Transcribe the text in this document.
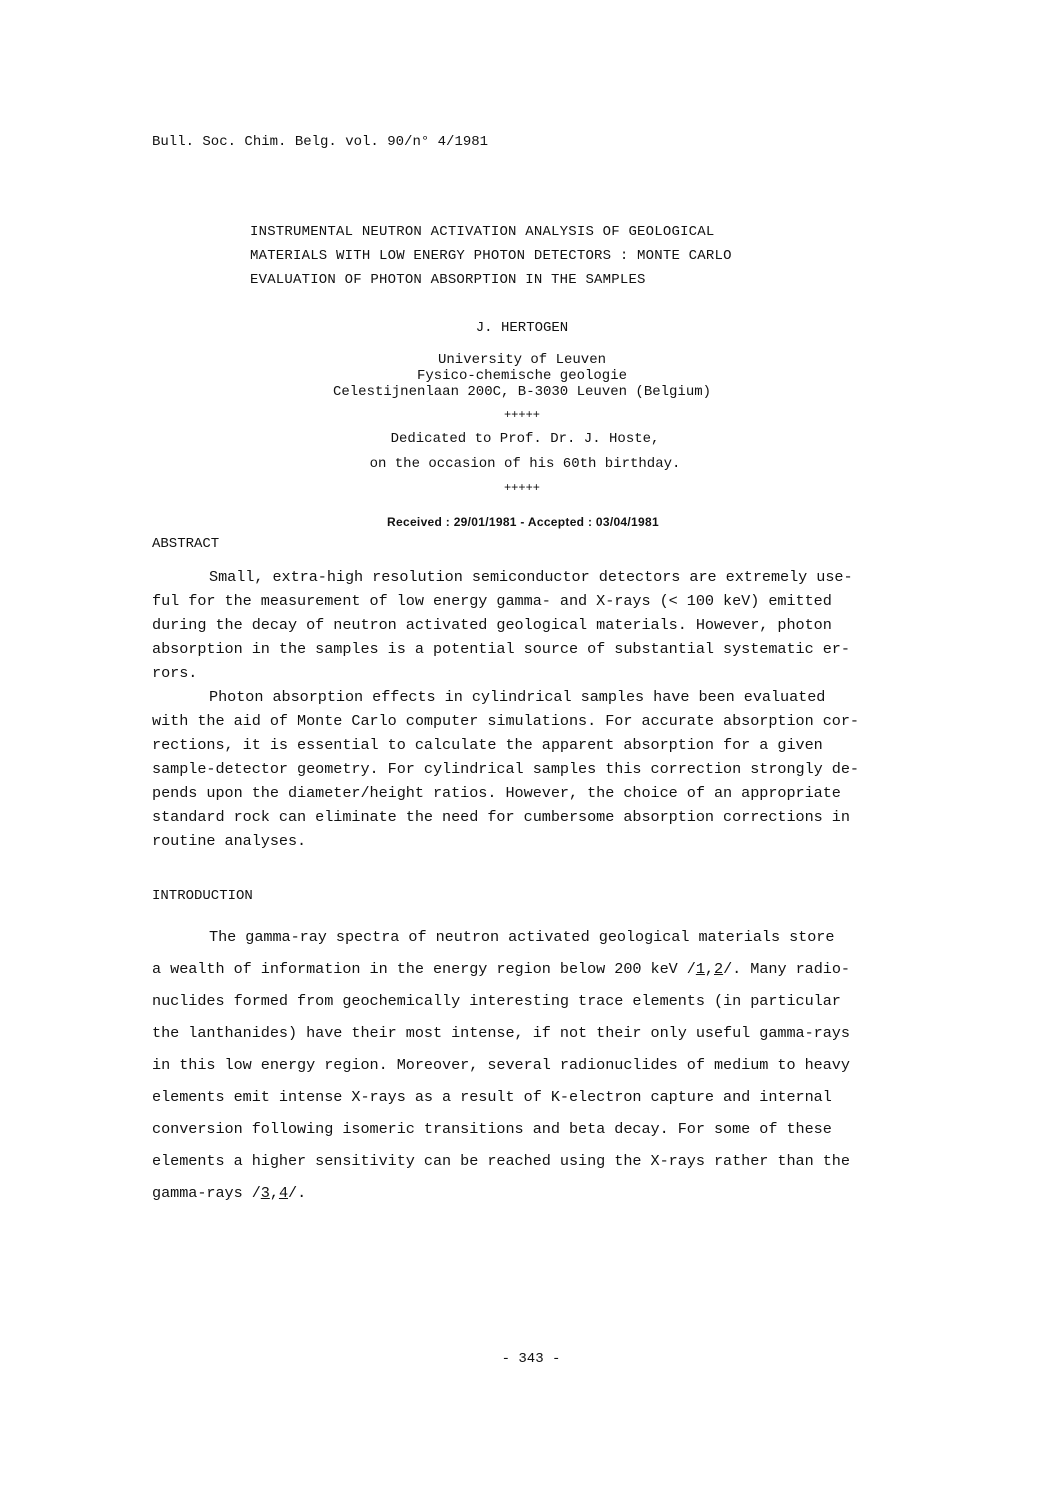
Bull. Soc. Chim. Belg. vol. 90/n° 4/1981
INSTRUMENTAL NEUTRON ACTIVATION ANALYSIS OF GEOLOGICAL
MATERIALS WITH LOW ENERGY PHOTON DETECTORS : MONTE CARLO
EVALUATION OF PHOTON ABSORPTION IN THE SAMPLES
J. HERTOGEN
University of Leuven
Fysico-chemische geologie
Celestijnenlaan 200C, B-3030 Leuven (Belgium)
+++++
Dedicated to Prof. Dr. J. Hoste,
on the occasion of his 60th birthday.
+++++
Received : 29/01/1981 - Accepted : 03/04/1981
ABSTRACT
Small, extra-high resolution semiconductor detectors are extremely use-
ful for the measurement of low energy gamma- and X-rays (< 100 keV) emitted
during the decay of neutron activated geological materials. However, photon
absorption in the samples is a potential source of substantial systematic er-
rors.
Photon absorption effects in cylindrical samples have been evaluated
with the aid of Monte Carlo computer simulations. For accurate absorption cor-
rections, it is essential to calculate the apparent absorption for a given
sample-detector geometry. For cylindrical samples this correction strongly de-
pends upon the diameter/height ratios. However, the choice of an appropriate
standard rock can eliminate the need for cumbersome absorption corrections in
routine analyses.
INTRODUCTION
The gamma-ray spectra of neutron activated geological materials store
a wealth of information in the energy region below 200 keV /1,2/. Many radio-
nuclides formed from geochemically interesting trace elements (in particular
the lanthanides) have their most intense, if not their only useful gamma-rays
in this low energy region. Moreover, several radionuclides of medium to heavy
elements emit intense X-rays as a result of K-electron capture and internal
conversion following isomeric transitions and beta decay. For some of these
elements a higher sensitivity can be reached using the X-rays rather than the
gamma-rays /3,4/.
- 343 -
